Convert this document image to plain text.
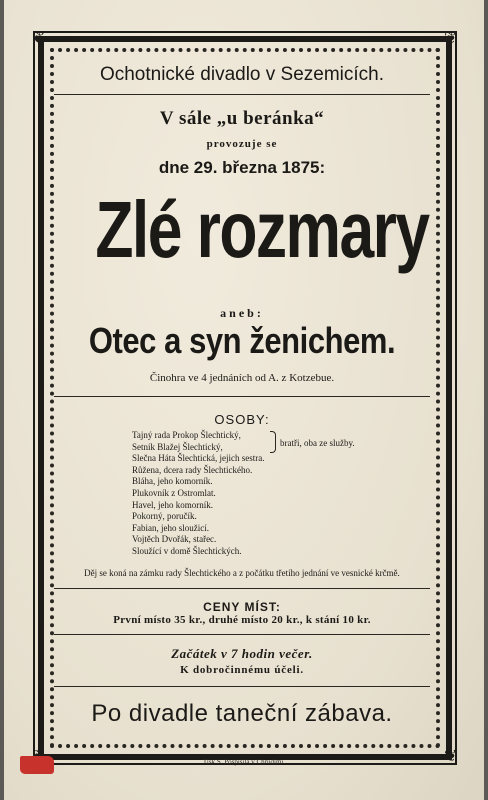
❦	❦
❦
Ochotnické divadlo v Sezemicích.
V sále „u beránka“
provozuje se
dne 29. března 1875:
Zlé rozmary
aneb:
Otec a syn ženichem.
Činohra ve 4 jednáních od A. z Kotzebue.
OSOBY:
Tajný rada Prokop Šlechtický,
Setník Blažej Šlechtický,
Slečna Háta Šlechtická, jejich sestra.
Růžena, dcera rady Šlechtického.
Bláha, jeho komorník.
Plukovník z Ostromlat.
Havel, jeho komorník.
Pokorný, poručík.
Fabian, jeho sloužicí.
Vojtěch Dvořák, stařec.
Sloužící v domě Šlechtických.
bratři, oba ze služby.
Děj se koná na zámku rady Šlechtického a z počátku třetího jednání ve vesnické krčmě.
CENY MÍST:
První místo 35 kr., druhé místo 20 kr., k stání 10 kr.
Začátek v 7 hodin večer.
K dobročinnému účeli.
Po divadle taneční zábava.
Tisk S. Pospíšila v Chrudimi.
